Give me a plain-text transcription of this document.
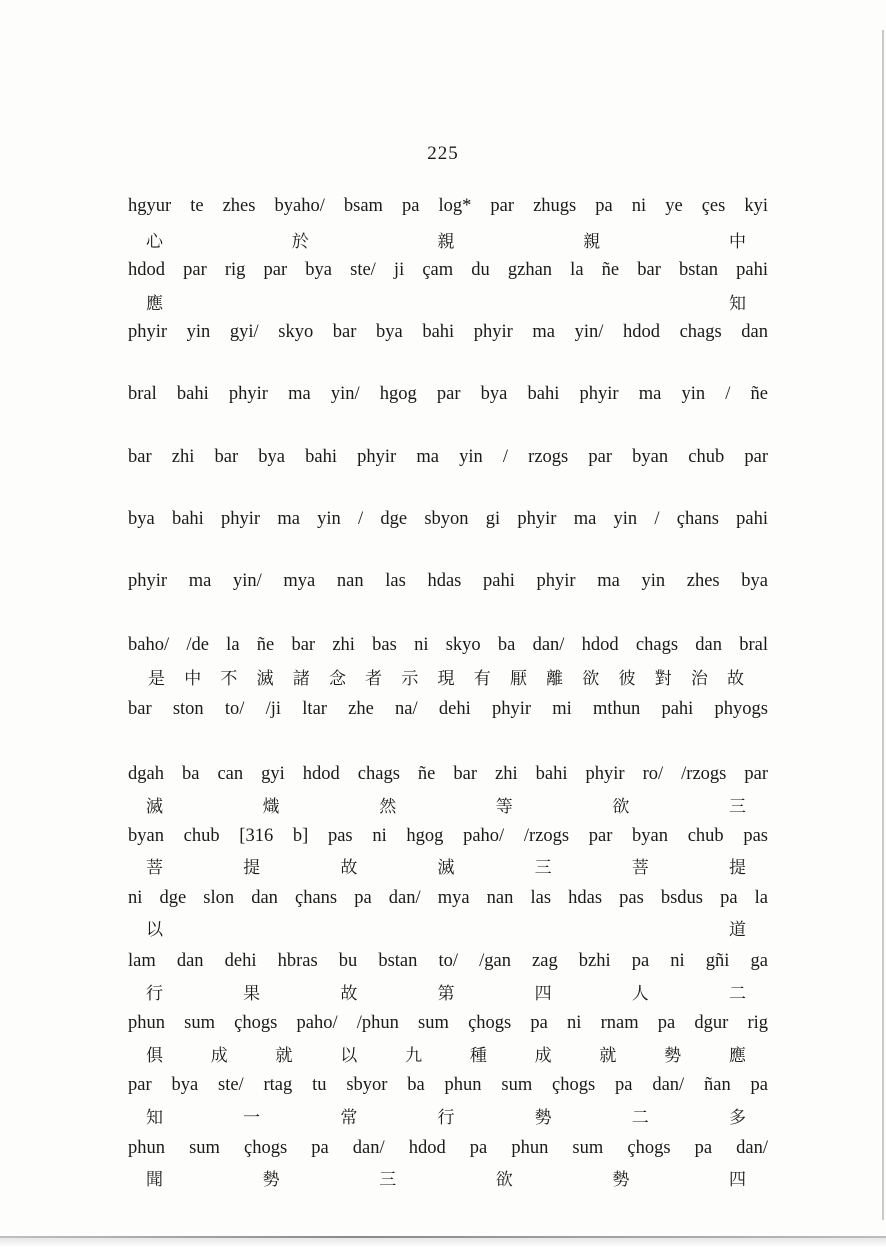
225
hgyur te zhes byaho/ bsam pa log* par zhugs pa ni ye çes kyi
心	於	親	親	中
hdod par rig par bya ste/ ji çam du gzhan la ñe bar bstan pahi
應	知
phyir yin gyi/ skyo bar bya bahi phyir ma yin/ hdod chags dan
bral bahi phyir ma yin/ hgog par bya bahi phyir ma yin / ñe
bar zhi bar bya bahi phyir ma yin / rzogs par byan chub par
bya bahi phyir ma yin / dge sbyon gi phyir ma yin / çhans pahi
phyir ma yin/ mya nan las hdas pahi phyir ma yin zhes bya
baho/ /de la ñe bar zhi bas ni skyo ba dan/ hdod chags dan bral
是 中 不 滅 諸 念 者 示 現 有 厭 離 欲 彼 對 治 故
bar ston to/ /ji ltar zhe na/ dehi phyir mi mthun pahi phyogs
dgah ba can gyi hdod chags ñe bar zhi bahi phyir ro/ /rzogs par
滅	熾	然	等	欲	三
byan chub [316 b] pas ni hgog paho/ /rzogs par byan chub pas
菩	提	故	滅	三	菩	提
ni dge slon dan çhans pa dan/ mya nan las hdas pas bsdus pa la
以	道
lam dan dehi hbras bu bstan to/ /gan zag bzhi pa ni gñi ga
行	果	故	第	四	人	二
phun sum çhogs paho/ /phun sum çhogs pa ni rnam pa dgur rig
俱	成	就	以	九	種	成	就	勢	應
par bya ste/ rtag tu sbyor ba phun sum çhogs pa dan/ ñan pa
知	一	常	行	勢	二	多
phun sum çhogs pa dan/ hdod pa phun sum çhogs pa dan/
聞	勢	三	欲	勢	四
